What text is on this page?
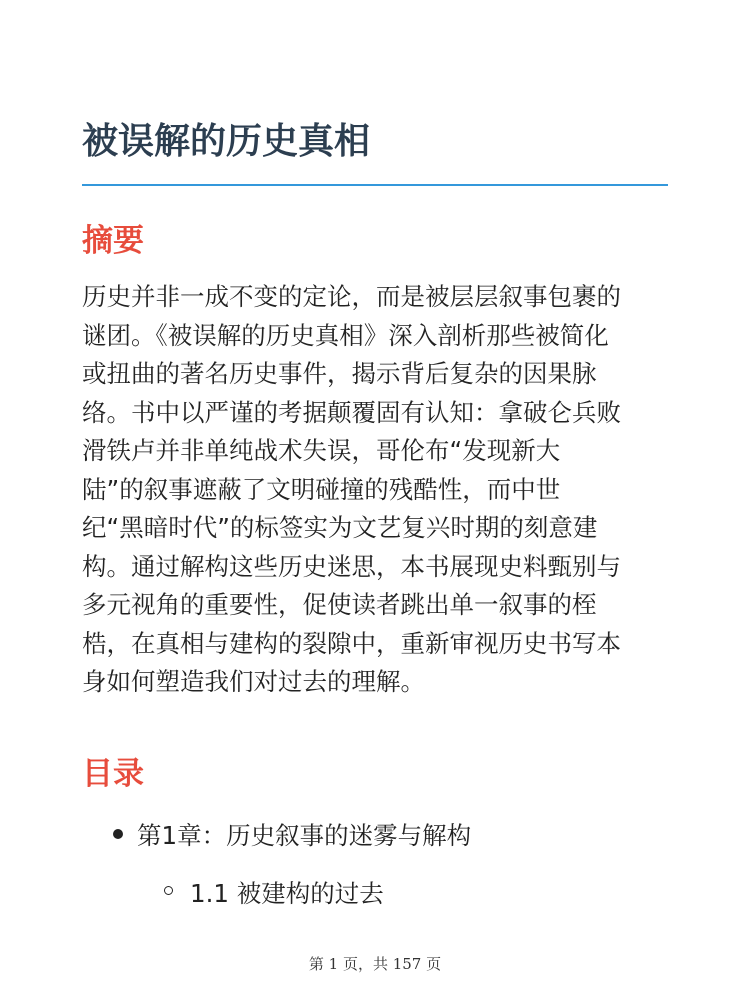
被误解的历史真相
摘要

历史并非一成不变的定论，而是被层层叙事包裹的
谜团。《被误解的历史真相》深入剖析那些被简化
或扭曲的著名历史事件，揭示背后复杂的因果脉
络。书中以严谨的考据颠覆固有认知：拿破仑兵败
滑铁卢并非单纯战术失误，哥伦布“发现新大
陆”的叙事遮蔽了文明碰撞的残酷性，而中世
纪“黑暗时代”的标签实为文艺复兴时期的刻意建
构。通过解构这些历史迷思，本书展现史料甄别与
多元视角的重要性，促使读者跳出单一叙事的桎
梏，在真相与建构的裂隙中，重新审视历史书写本
身如何塑造我们对过去的理解。

目录
第1章：历史叙事的迷雾与解构
1.1 被建构的过去
第 1 页，共 157 页
